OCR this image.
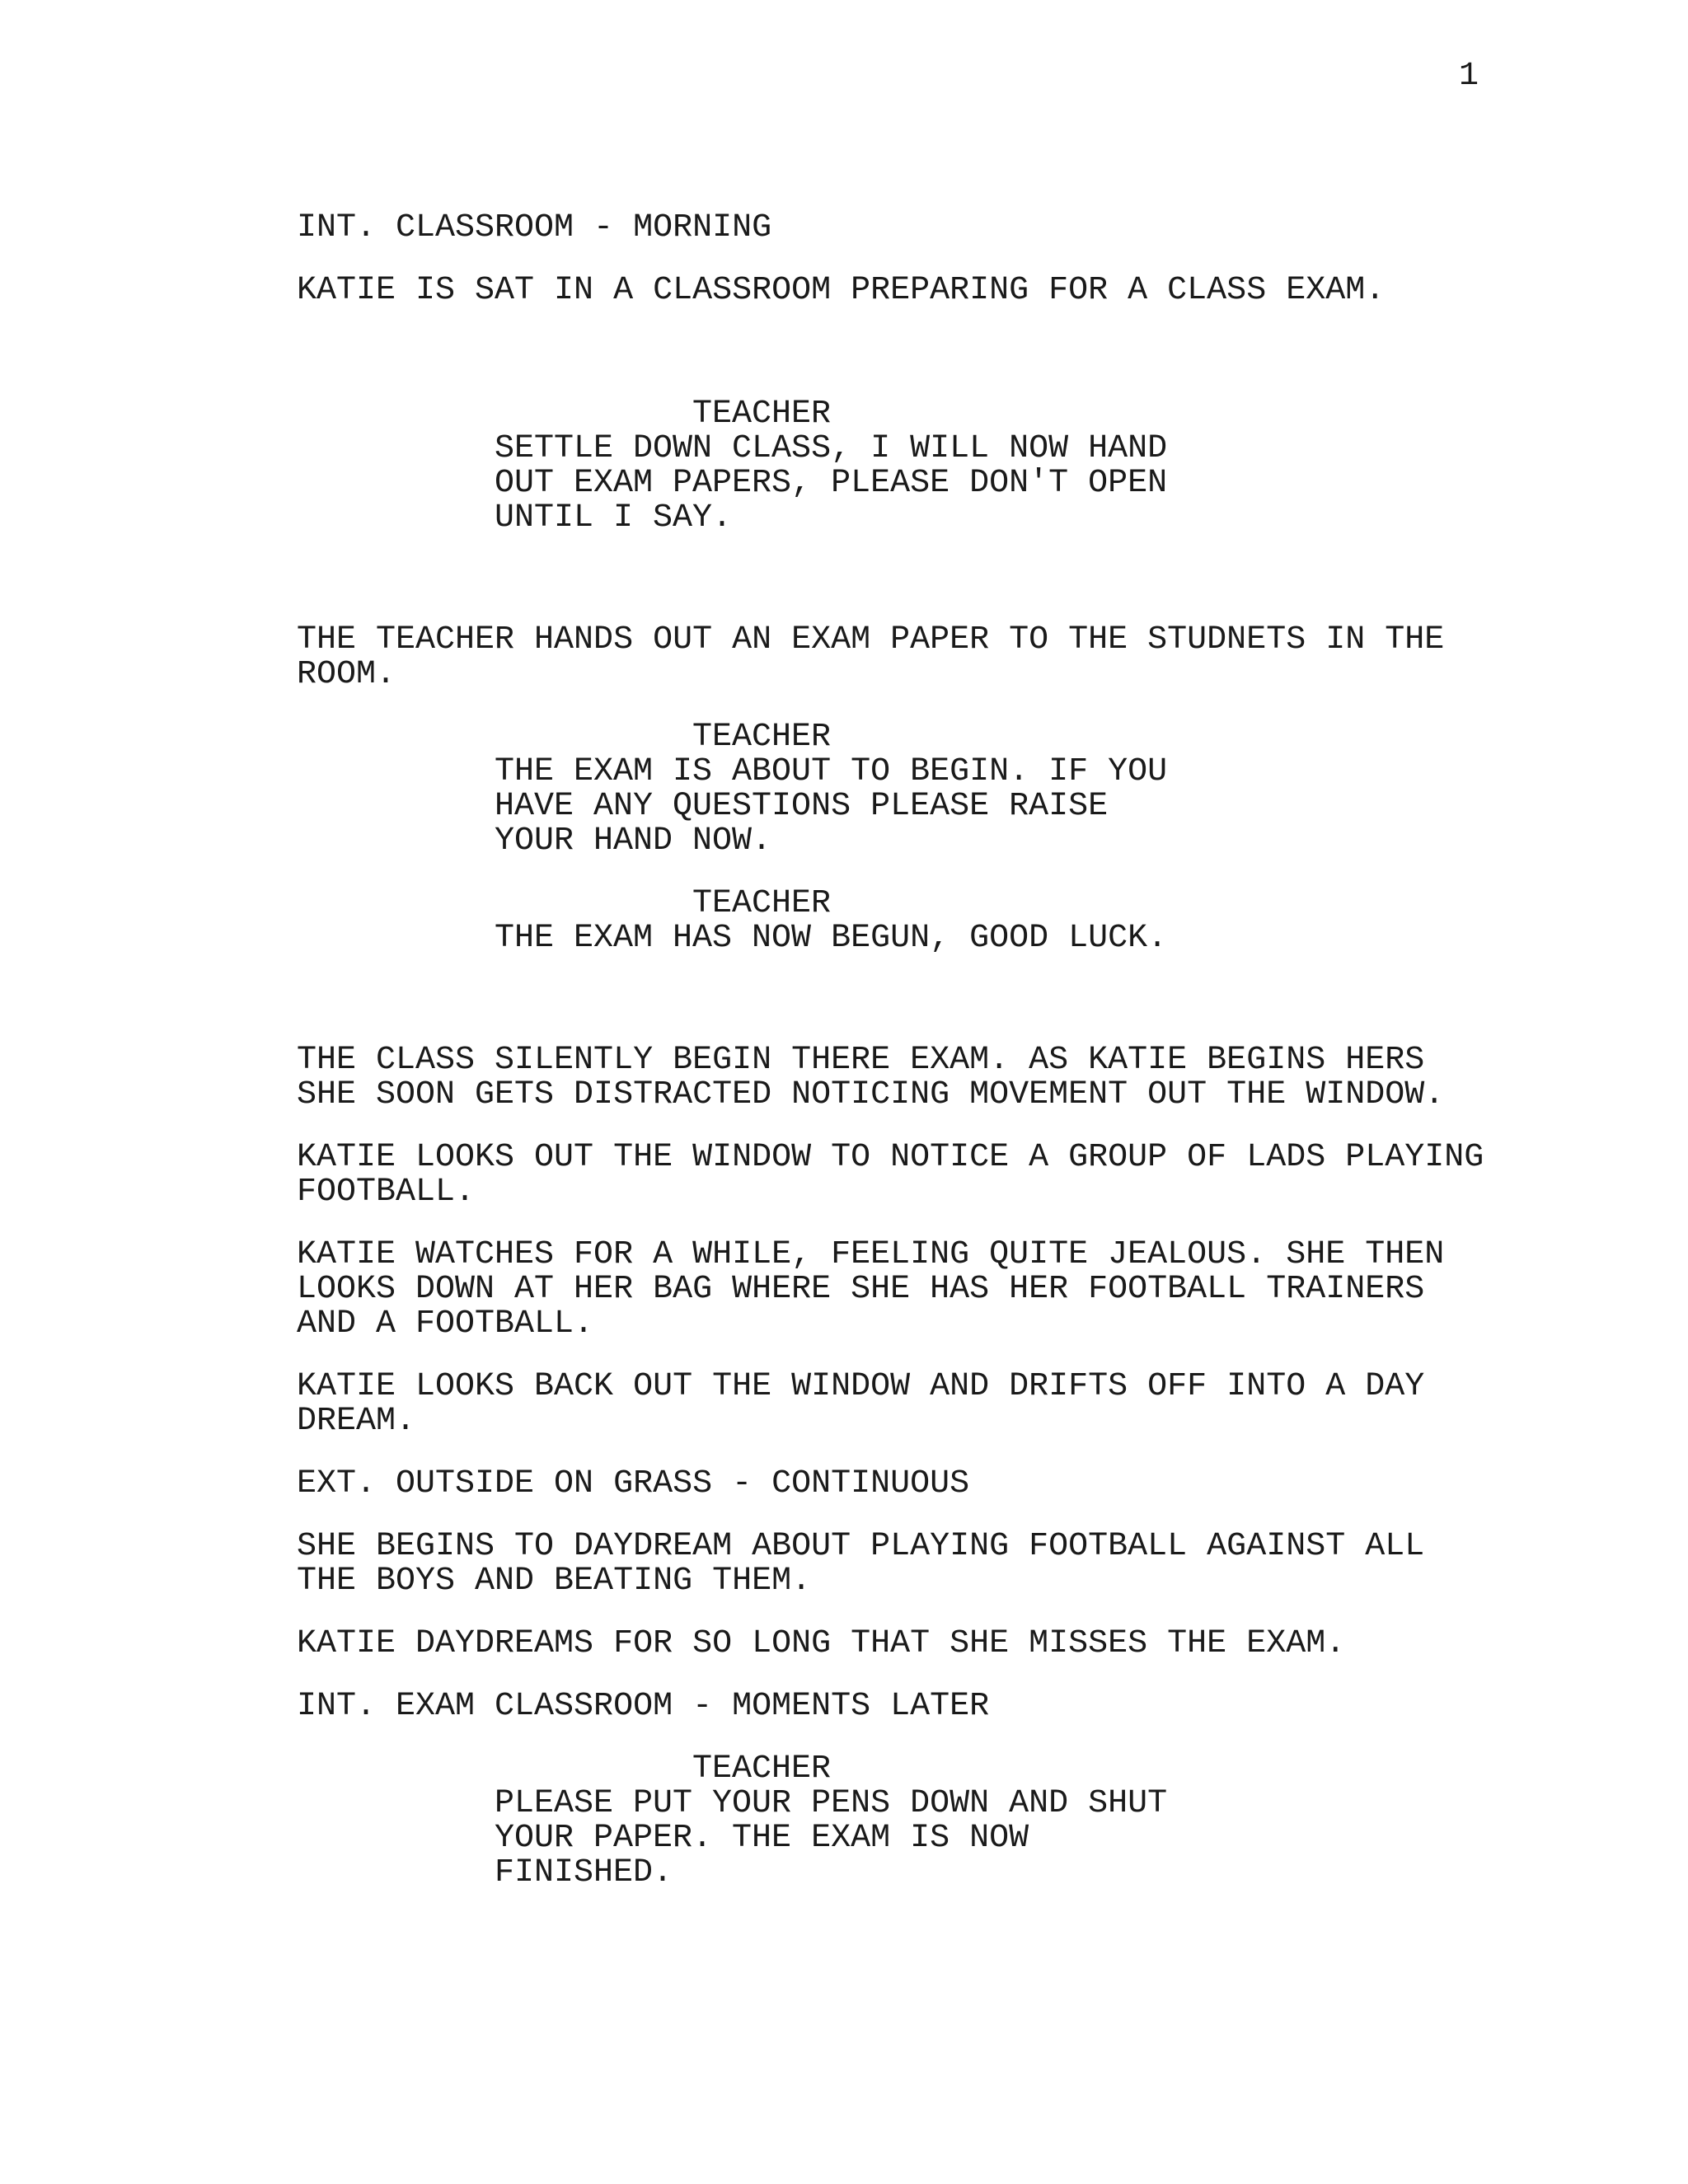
1

INT. CLASSROOM - MORNING

KATIE IS SAT IN A CLASSROOM PREPARING FOR A CLASS EXAM.

TEACHER

SETTLE DOWN CLASS, I WILL NOW HAND
OUT EXAM PAPERS, PLEASE DON'T OPEN
UNTIL I SAY.

THE TEACHER HANDS OUT AN EXAM PAPER TO THE STUDNETS IN THE
ROOM.

TEACHER

THE EXAM IS ABOUT TO BEGIN. IF YOU
HAVE ANY QUESTIONS PLEASE RAISE
YOUR HAND NOW.

TEACHER

THE EXAM HAS NOW BEGUN, GOOD LUCK.

THE CLASS SILENTLY BEGIN THERE EXAM. AS KATIE BEGINS HERS
SHE SOON GETS DISTRACTED NOTICING MOVEMENT OUT THE WINDOW.

KATIE LOOKS OUT THE WINDOW TO NOTICE A GROUP OF LADS PLAYING
FOOTBALL.

KATIE WATCHES FOR A WHILE, FEELING QUITE JEALOUS. SHE THEN
LOOKS DOWN AT HER BAG WHERE SHE HAS HER FOOTBALL TRAINERS
AND A FOOTBALL.

KATIE LOOKS BACK OUT THE WINDOW AND DRIFTS OFF INTO A DAY
DREAM.

EXT. OUTSIDE ON GRASS - CONTINUOUS

SHE BEGINS TO DAYDREAM ABOUT PLAYING FOOTBALL AGAINST ALL
THE BOYS AND BEATING THEM.

KATIE DAYDREAMS FOR SO LONG THAT SHE MISSES THE EXAM.

INT. EXAM CLASSROOM - MOMENTS LATER

TEACHER

PLEASE PUT YOUR PENS DOWN AND SHUT
YOUR PAPER. THE EXAM IS NOW
FINISHED.
